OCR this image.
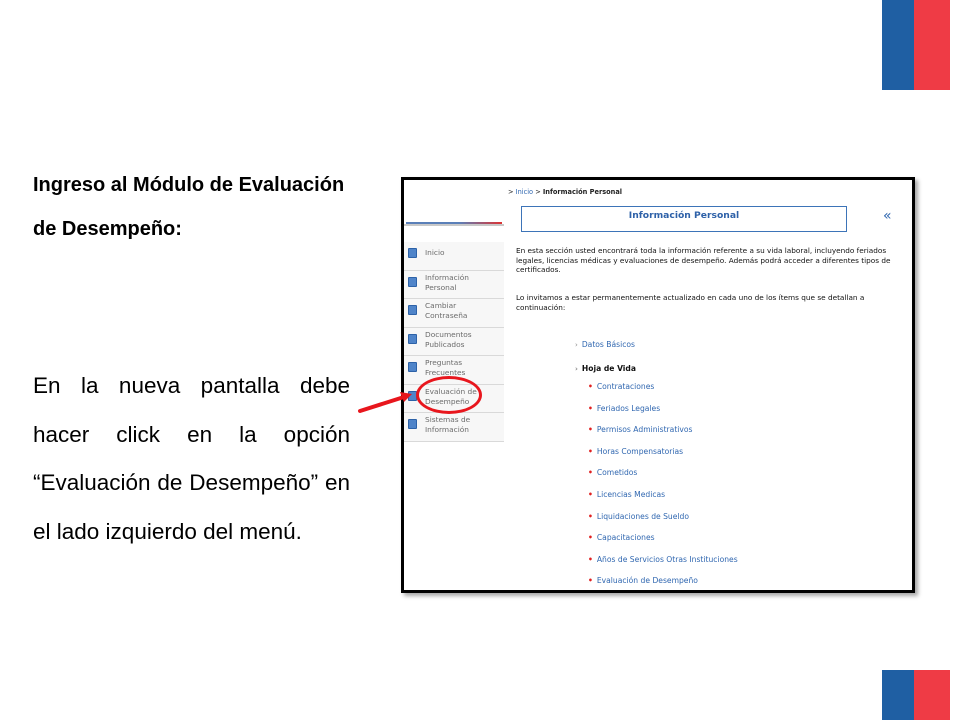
Ingreso al Módulo de Evaluación de Desempeño:

En la nueva pantalla debe hacer click en la opción “Evaluación de Desempeño” en el lado izquierdo del menú.

Inicio
Información Personal
Cambiar Contraseña
Documentos Publicados
Preguntas Frecuentes
Evaluación de Desempeño
Sistemas de Información
> Inicio > Información Personal
Información Personal	«

En esta sección usted encontrará toda la información referente a su vida laboral, incluyendo feriados legales, licencias médicas y evaluaciones de desempeño. Además podrá acceder a diferentes tipos de certificados.

Lo invitamos a estar permanentemente actualizado en cada uno de los ítems que se detallan a continuación:

› Datos Básicos
› Hoja de Vida
• Contrataciones
• Feriados Legales
• Permisos Administrativos
• Horas Compensatorias
• Cometidos
• Licencias Medicas
• Liquidaciones de Sueldo
• Capacitaciones
• Años de Servicios Otras Instituciones
• Evaluación de Desempeño
